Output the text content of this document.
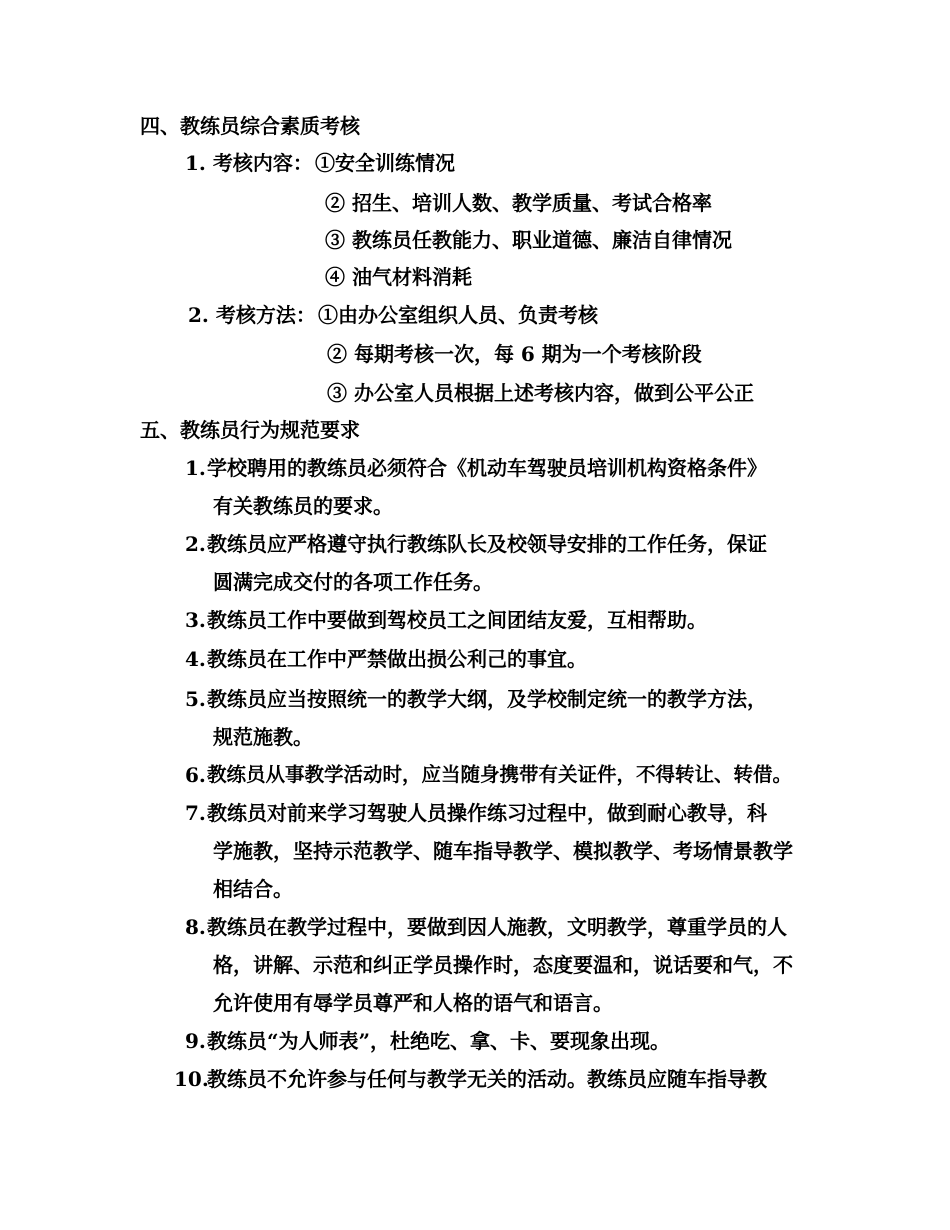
四、教练员综合素质考核
1. 考核内容： ①安全训练情况
② 招生、培训人数、教学质量、考试合格率
③ 教练员任教能力、职业道德、廉洁自律情况
④ 油气材料消耗
2. 考核方法： ①由办公室组织人员、负责考核
② 每期考核一次，每 6 期为一个考核阶段
③ 办公室人员根据上述考核内容，做到公平公正
五、教练员行为规范要求
1. 学校聘用的教练员必须符合《机动车驾驶员培训机构资格条件》
有关教练员的要求。
2. 教练员应严格遵守执行教练队长及校领导安排的工作任务，保证
圆满完成交付的各项工作任务。
3. 教练员工作中要做到驾校员工之间团结友爱，互相帮助。
4. 教练员在工作中严禁做出损公利己的事宜。
5. 教练员应当按照统一的教学大纲，及学校制定统一的教学方法，
规范施教。
6. 教练员从事教学活动时，应当随身携带有关证件，不得转让、转借。
7. 教练员对前来学习驾驶人员操作练习过程中，做到耐心教导，科
学施教，坚持示范教学、随车指导教学、模拟教学、考场情景教学
相结合。
8. 教练员在教学过程中，要做到因人施教，文明教学，尊重学员的人
格，讲解、示范和纠正学员操作时，态度要温和，说话要和气，不
允许使用有辱学员尊严和人格的语气和语言。
9. 教练员“为人师表”，杜绝吃、拿、卡、要现象出现。
10.
教练员不允许参与任何与教学无关的活动。教练员应随车指导教
